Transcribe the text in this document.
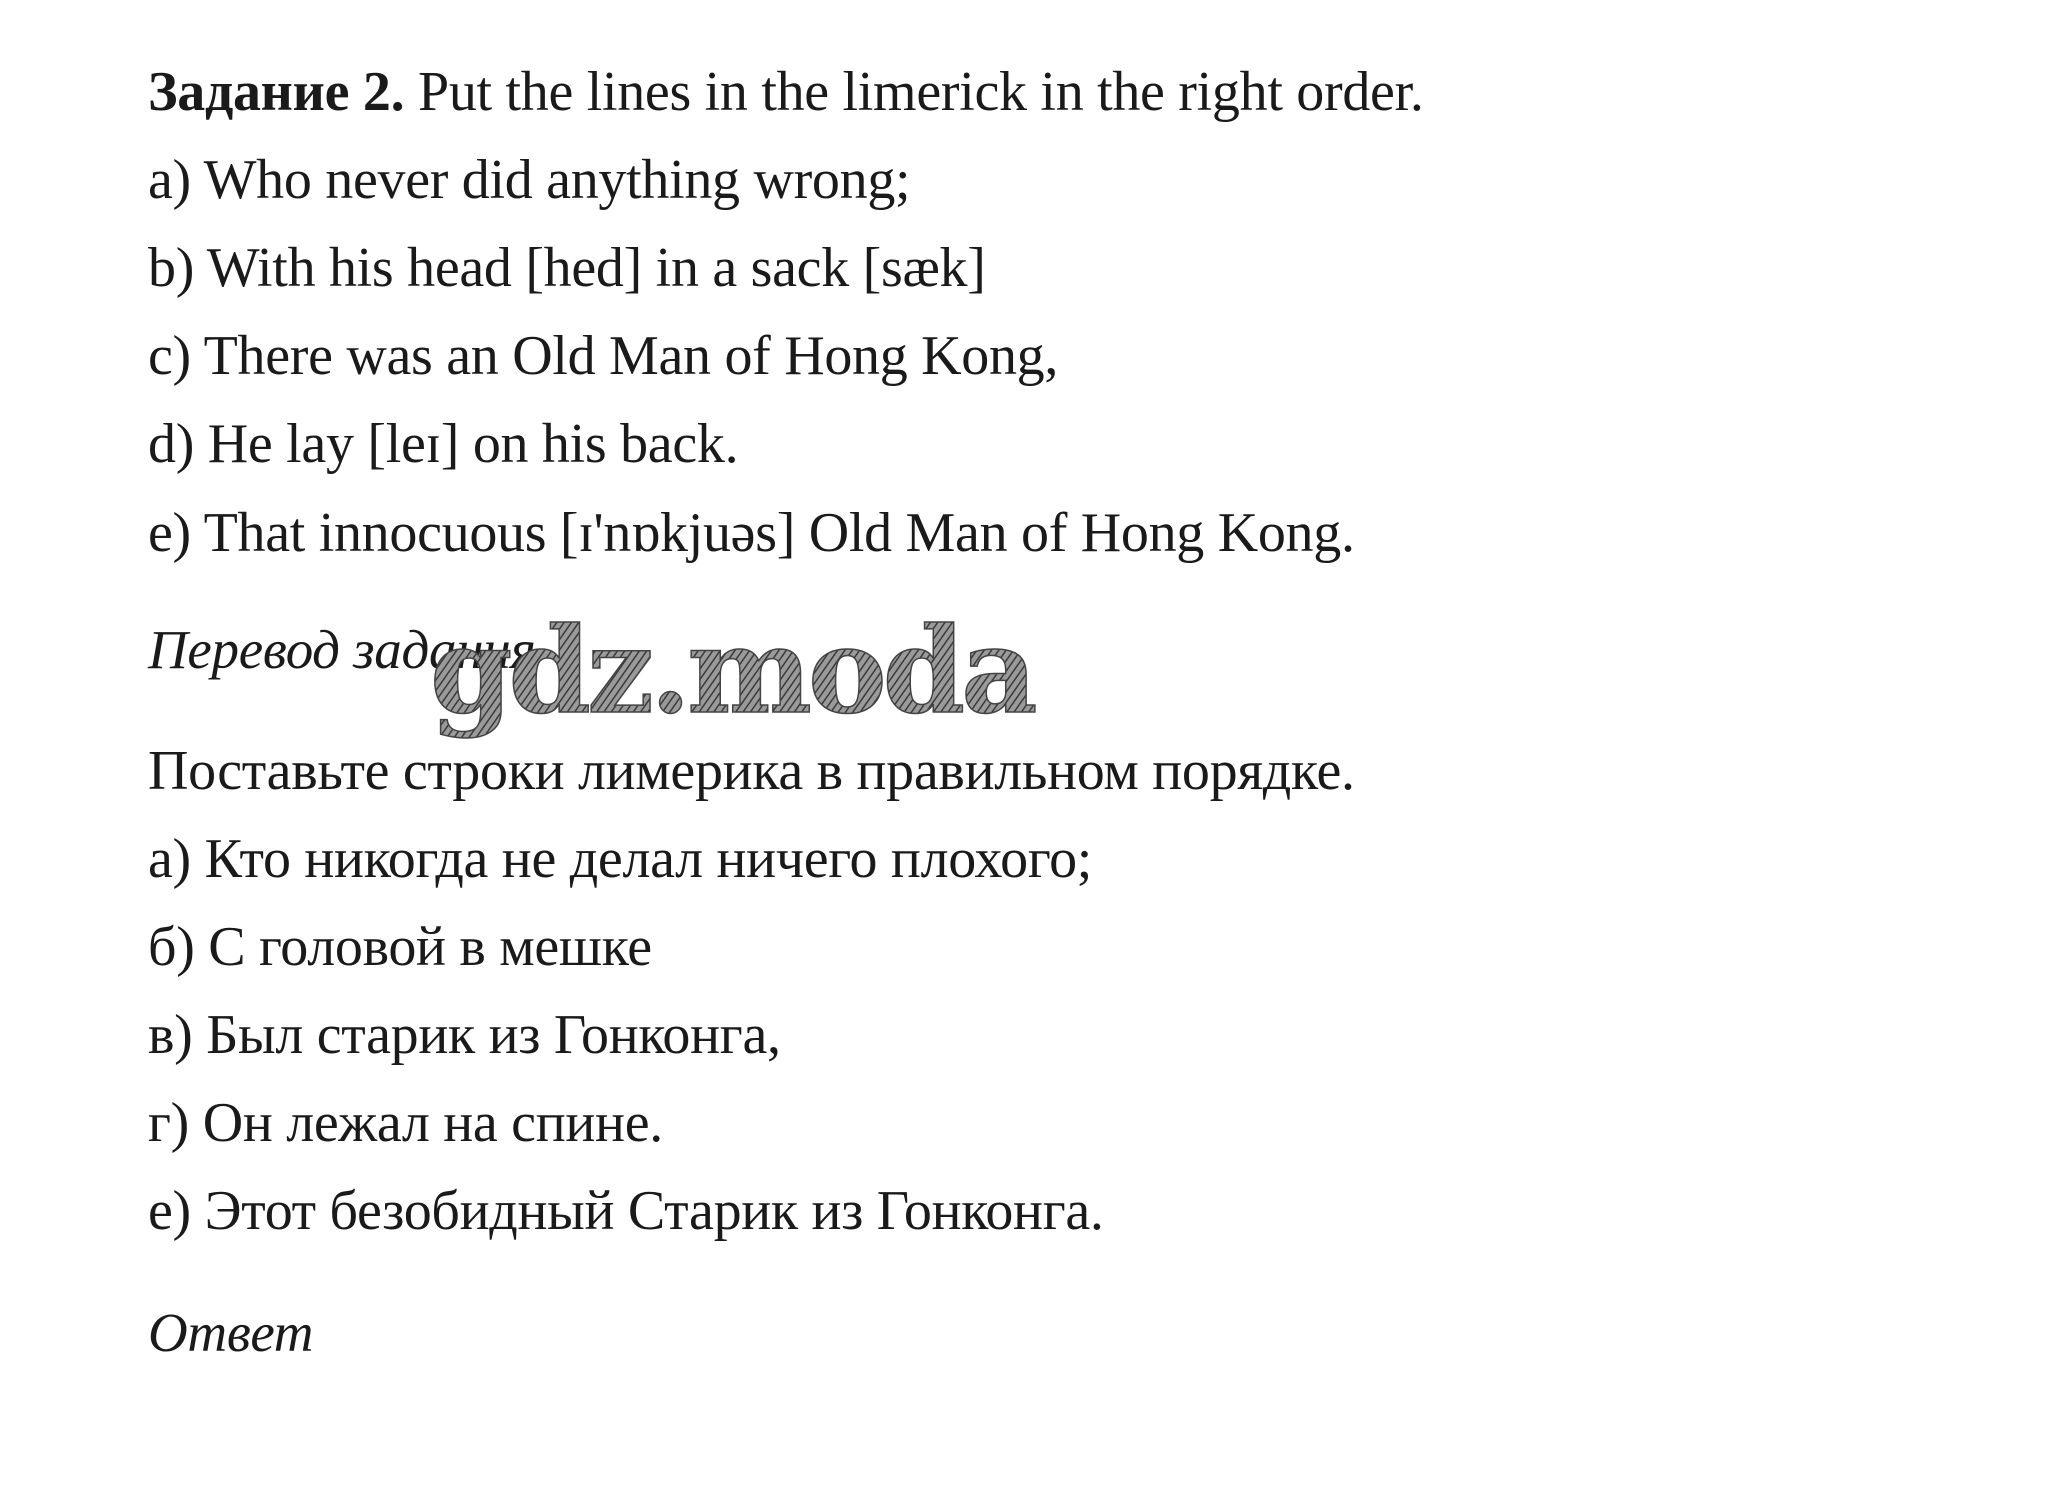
Задание 2. Put the lines in the limerick in the right order.
a) Who never did anything wrong;
b) With his head [hed] in a sack [sæk]
c) There was an Old Man of Hong Kong,
d) He lay [leɪ] on his back.
e) That innocuous [ɪ'nɒkjuəs] Old Man of Hong Kong.
Перевод задания
Поставьте строки лимерика в правильном порядке.
а) Кто никогда не делал ничего плохого;
б) С головой в мешке
в) Был старик из Гонконга,
г) Он лежал на спине.
е) Этот безобидный Старик из Гонконга.
Ответ
gdz.moda
